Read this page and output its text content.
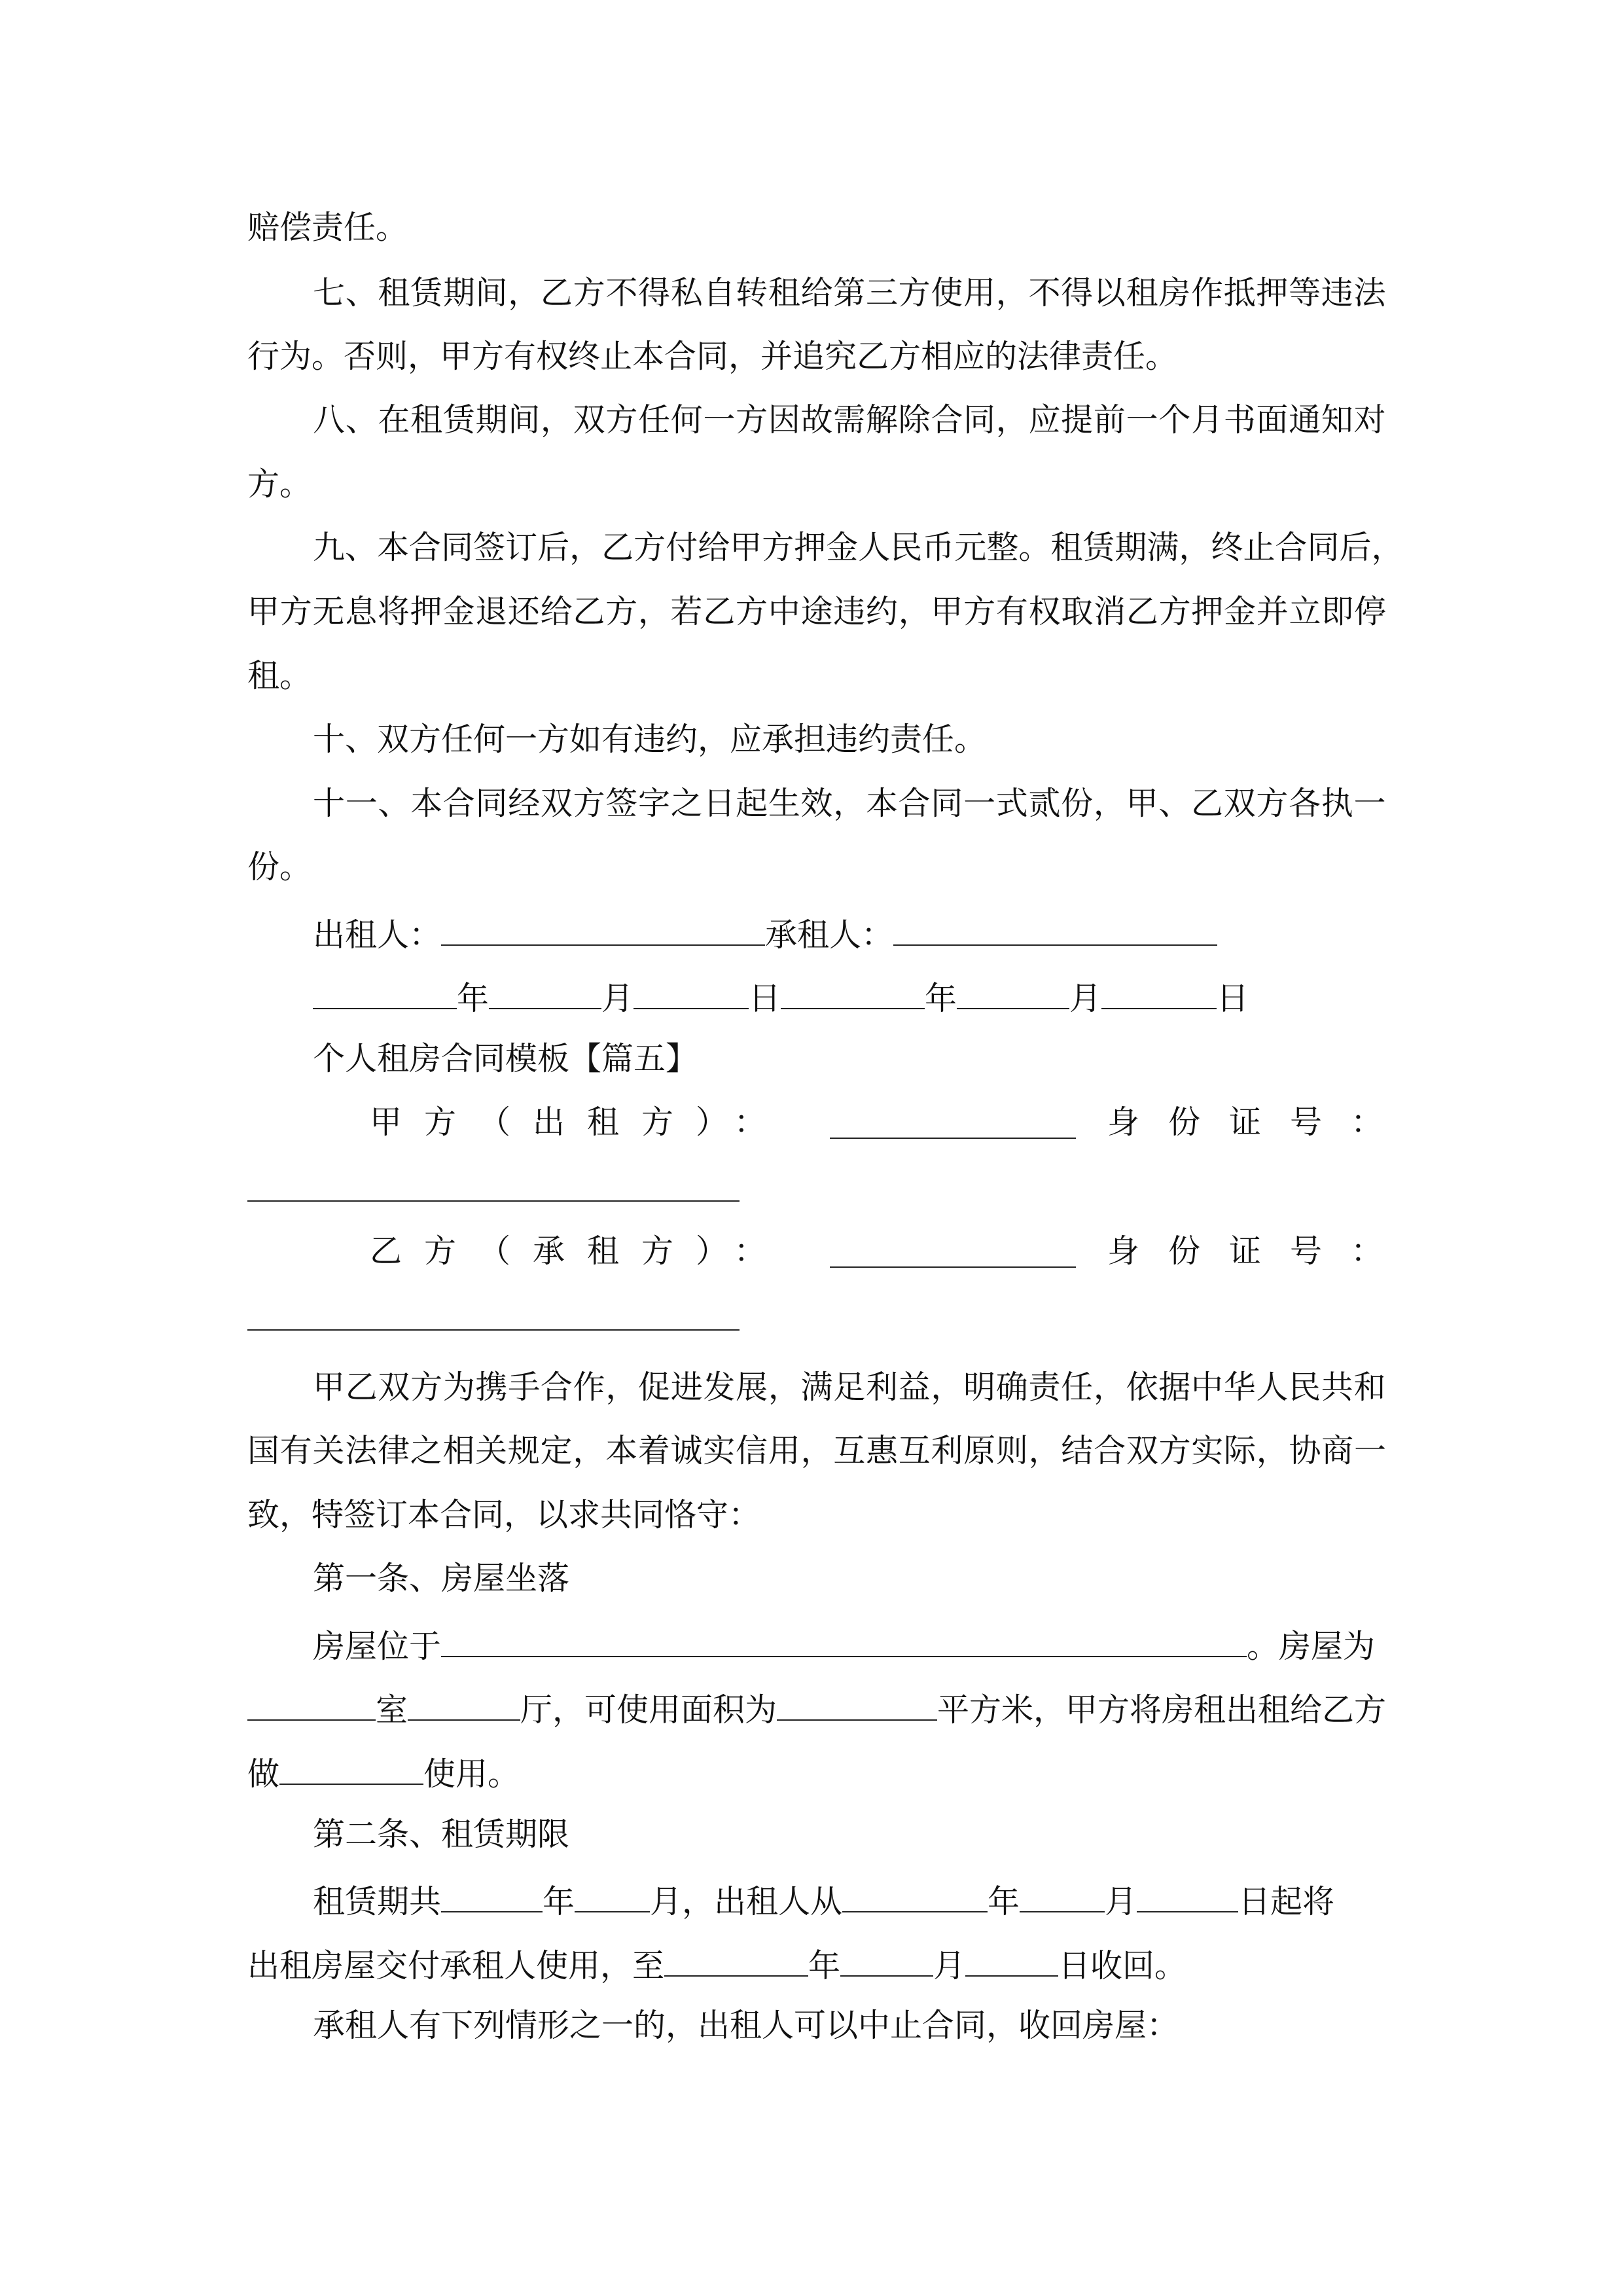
赔偿责任。
七 、 租 赁 期 间 ， 乙 方 不 得 私 自 转 租 给 第 三 方 使 用 ， 不 得 以 租 房 作 抵 押 等 违 法
行为。否则，甲方有权终止本合同，并追究乙方相应的法律责任。
八 、 在 租 赁 期 间 ， 双 方 任 何 一 方 因 故 需 解 除 合 同 ， 应 提 前 一 个 月 书 面 通 知 对
方。
九 、 本 合 同 签 订 后 ， 乙 方 付 给 甲 方 押 金 人 民 币 元 整 。 租 赁 期 满 ， 终 止 合 同 后 ，
甲 方 无 息 将 押 金 退 还 给 乙 方 ， 若 乙 方 中 途 违 约 ， 甲 方 有 权 取 消 乙 方 押 金 并 立 即 停
租。
十、双方任何一方如有违约，应承担违约责任。
十 一 、 本 合 同 经 双 方 签 字 之 日 起 生 效 ， 本 合 同 一 式 贰 份 ， 甲 、 乙 双 方 各 执 一
份。
出租人：	承租人：
年	月	日	年	月	日
个人租房合同模板【篇五】
甲方（出租方）：	身份证号：
乙方（承租方）：	身份证号：
甲 乙 双 方 为 携 手 合 作 ， 促 进 发 展 ， 满 足 利 益 ， 明 确 责 任 ， 依 据 中 华 人 民 共 和
国 有 关 法 律 之 相 关 规 定 ， 本 着 诚 实 信 用 ， 互 惠 互 利 原 则 ， 结 合 双 方 实 际 ， 协 商 一
致，特签订本合同，以求共同恪守：
第一条、房屋坐落
房屋位于	。房屋为
室	厅，可使用面积为	平方米，甲方将房租出租给乙方
做	使用。
第二条、租赁期限
租赁期共	年 月，出租人从	年	月	日起将
出租房屋交付承租人使用，至	年	月	日收回。
承租人有下列情形之一的，出租人可以中止合同，收回房屋：
